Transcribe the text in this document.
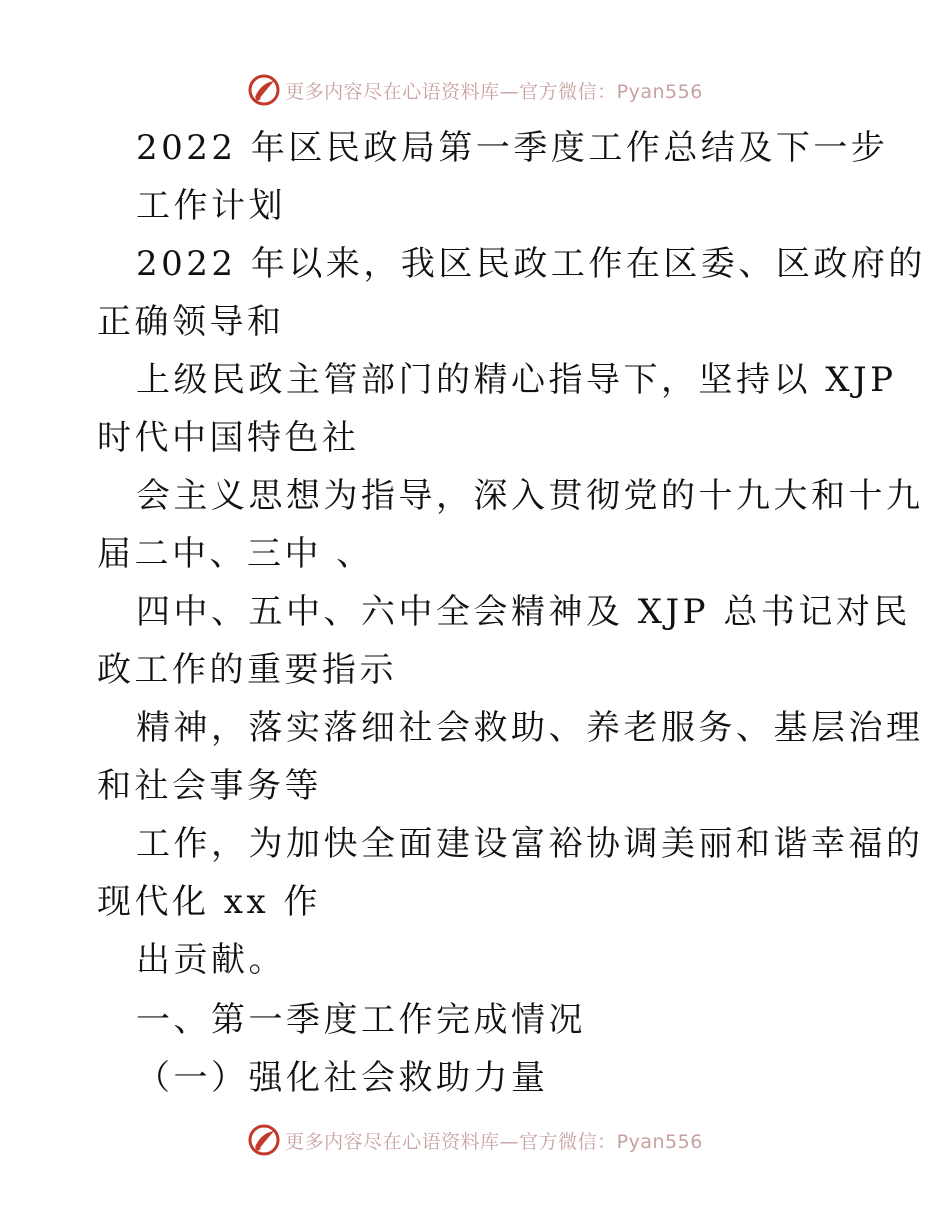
更多内容尽在心语资料库—官方微信：Pyan556
2022 年区民政局第一季度工作总结及下一步
工作计划
2022 年以来，我区民政工作在区委、区政府的
正确领导和
上级民政主管部门的精心指导下，坚持以 XJP
时代中国特色社
会主义思想为指导，深入贯彻党的十九大和十九
届二中、三中 、
四中、五中、六中全会精神及 XJP 总书记对民
政工作的重要指示
精神，落实落细社会救助、养老服务、基层治理
和社会事务等
工作，为加快全面建设富裕协调美丽和谐幸福的
现代化 xx 作
出贡献。
一、第一季度工作完成情况
（一）强化社会救助力量
更多内容尽在心语资料库—官方微信：Pyan556
